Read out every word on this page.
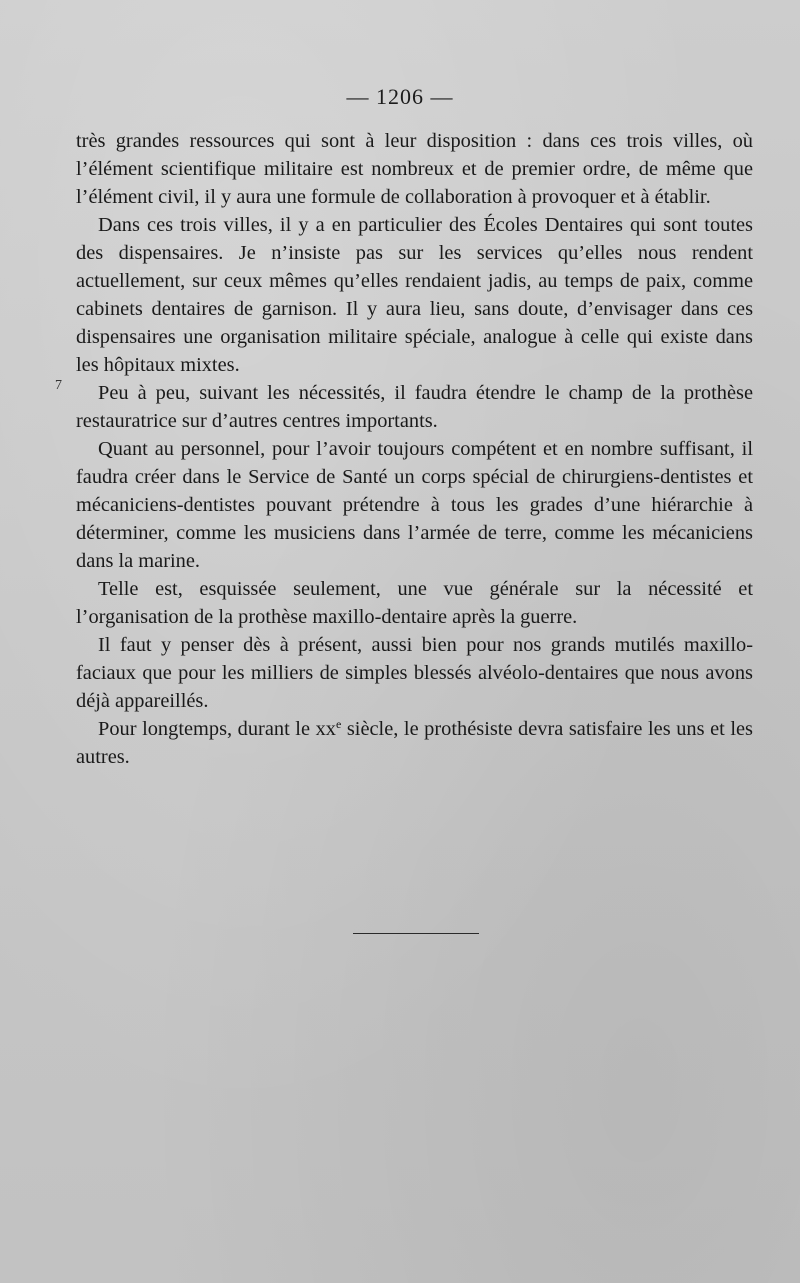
— 1206 —
7

très grandes ressources qui sont à leur disposition : dans ces trois villes, où l’élément scientifique militaire est nombreux et de premier ordre, de même que l’élément civil, il y aura une formule de collaboration à provoquer et à établir.

Dans ces trois villes, il y a en particulier des Écoles Dentaires qui sont toutes des dispensaires. Je n’insiste pas sur les services qu’elles nous rendent actuellement, sur ceux mêmes qu’elles rendaient jadis, au temps de paix, comme cabinets dentaires de garnison. Il y aura lieu, sans doute, d’envisager dans ces dispensaires une organisation militaire spéciale, analogue à celle qui existe dans les hôpitaux mixtes.

Peu à peu, suivant les nécessités, il faudra étendre le champ de la prothèse restauratrice sur d’autres centres importants.

Quant au personnel, pour l’avoir toujours compétent et en nombre suffisant, il faudra créer dans le Service de Santé un corps spécial de chirurgiens-dentistes et mécaniciens-dentistes pouvant prétendre à tous les grades d’une hiérarchie à déterminer, comme les musiciens dans l’armée de terre, comme les mécaniciens dans la marine.

Telle est, esquissée seulement, une vue générale sur la nécessité et l’organisation de la prothèse maxillo-dentaire après la guerre.

Il faut y penser dès à présent, aussi bien pour nos grands mutilés maxillo-faciaux que pour les milliers de simples blessés alvéolo-dentaires que nous avons déjà appareillés.

Pour longtemps, durant le $xx^e$ siècle, le prothésiste devra satisfaire les uns et les autres.
